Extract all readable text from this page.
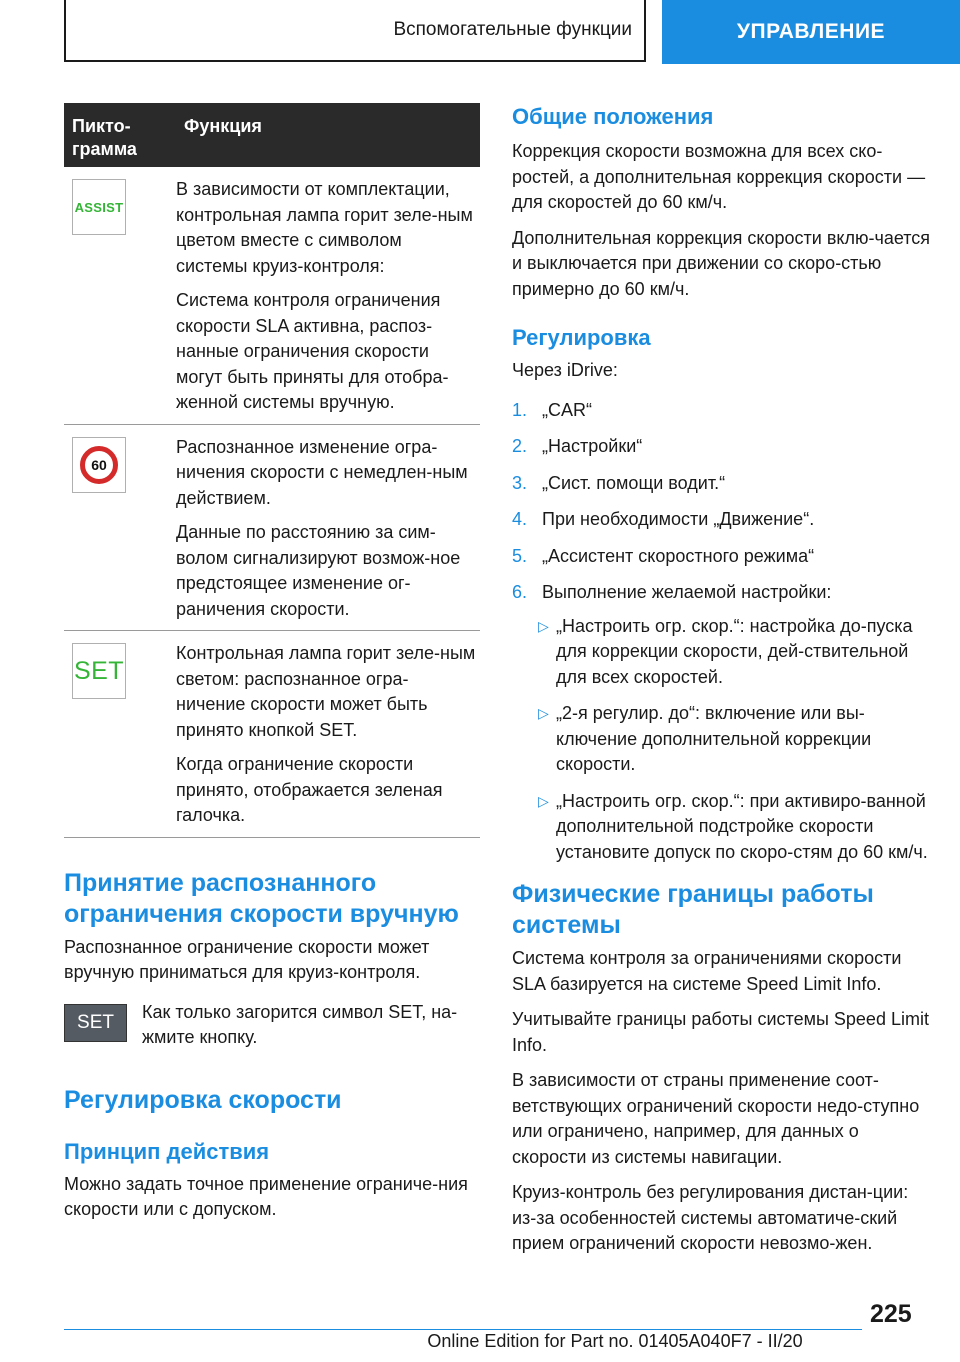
Вспомогательные функции	УПРАВЛЕНИЕ
Пикто-
грамма
Функция
ASSIST

В зависимости от комплектации, контрольная лампа горит зеле-ным цветом вместе с символом системы круиз-контроля:

Система контроля ограничения скорости SLA активна, распоз-нанные ограничения скорости могут быть приняты для отобра-женной системы вручную.

60

Распознанное изменение огра-ничения скорости с немедлен-ным действием.

Данные по расстоянию за сим-волом сигнализируют возмож-ное предстоящее изменение ог-раничения скорости.

SET

Контрольная лампа горит зеле-ным светом: распознанное огра-ничение скорости может быть принято кнопкой SET.

Когда ограничение скорости принято, отображается зеленая галочка.

Принятие распознанного ограничения скорости вручную

Распознанное ограничение скорости может вручную приниматься для круиз-контроля.

SET Как только загорится символ SET, на-жмите кнопку.

Регулировка скорости
Принцип действия

Можно задать точное применение ограниче-ния скорости или с допуском.

Общие положения

Коррекция скорости возможна для всех ско-ростей, а дополнительная коррекция скорости — для скоростей до 60 км/ч.

Дополнительная коррекция скорости вклю-чается и выключается при движении со скоро-стью примерно до 60 км/ч.

Регулировка

Через iDrive:

1. „CAR“
2. „Настройки“
3. „Сист. помощи водит.“
4. При необходимости „Движение“.
5. „Ассистент скоростного режима“
6. Выполнение желаемой настройки:
▷ „Настроить огр. скор.“: настройка до-пуска для коррекции скорости, дей-ствительной для всех скоростей.
▷ „2-я регулир. до“: включение или вы-ключение дополнительной коррекции скорости.
▷ „Настроить огр. скор.“: при активиро-ванной дополнительной подстройке скорости установите допуск по скоро-стям до 60 км/ч.
Физические границы работы системы

Система контроля за ограничениями скорости SLA базируется на системе Speed Limit Info.

Учитывайте границы работы системы Speed Limit Info.

В зависимости от страны применение соот-ветствующих ограничений скорости недо-ступно или ограничено, например, для данных о скорости из системы навигации.

Круиз-контроль без регулирования дистан-ции: из-за особенностей системы автоматиче-ский прием ограничений скорости невозмо-жен.

225
Online Edition for Part no. 01405A040F7 - II/20
